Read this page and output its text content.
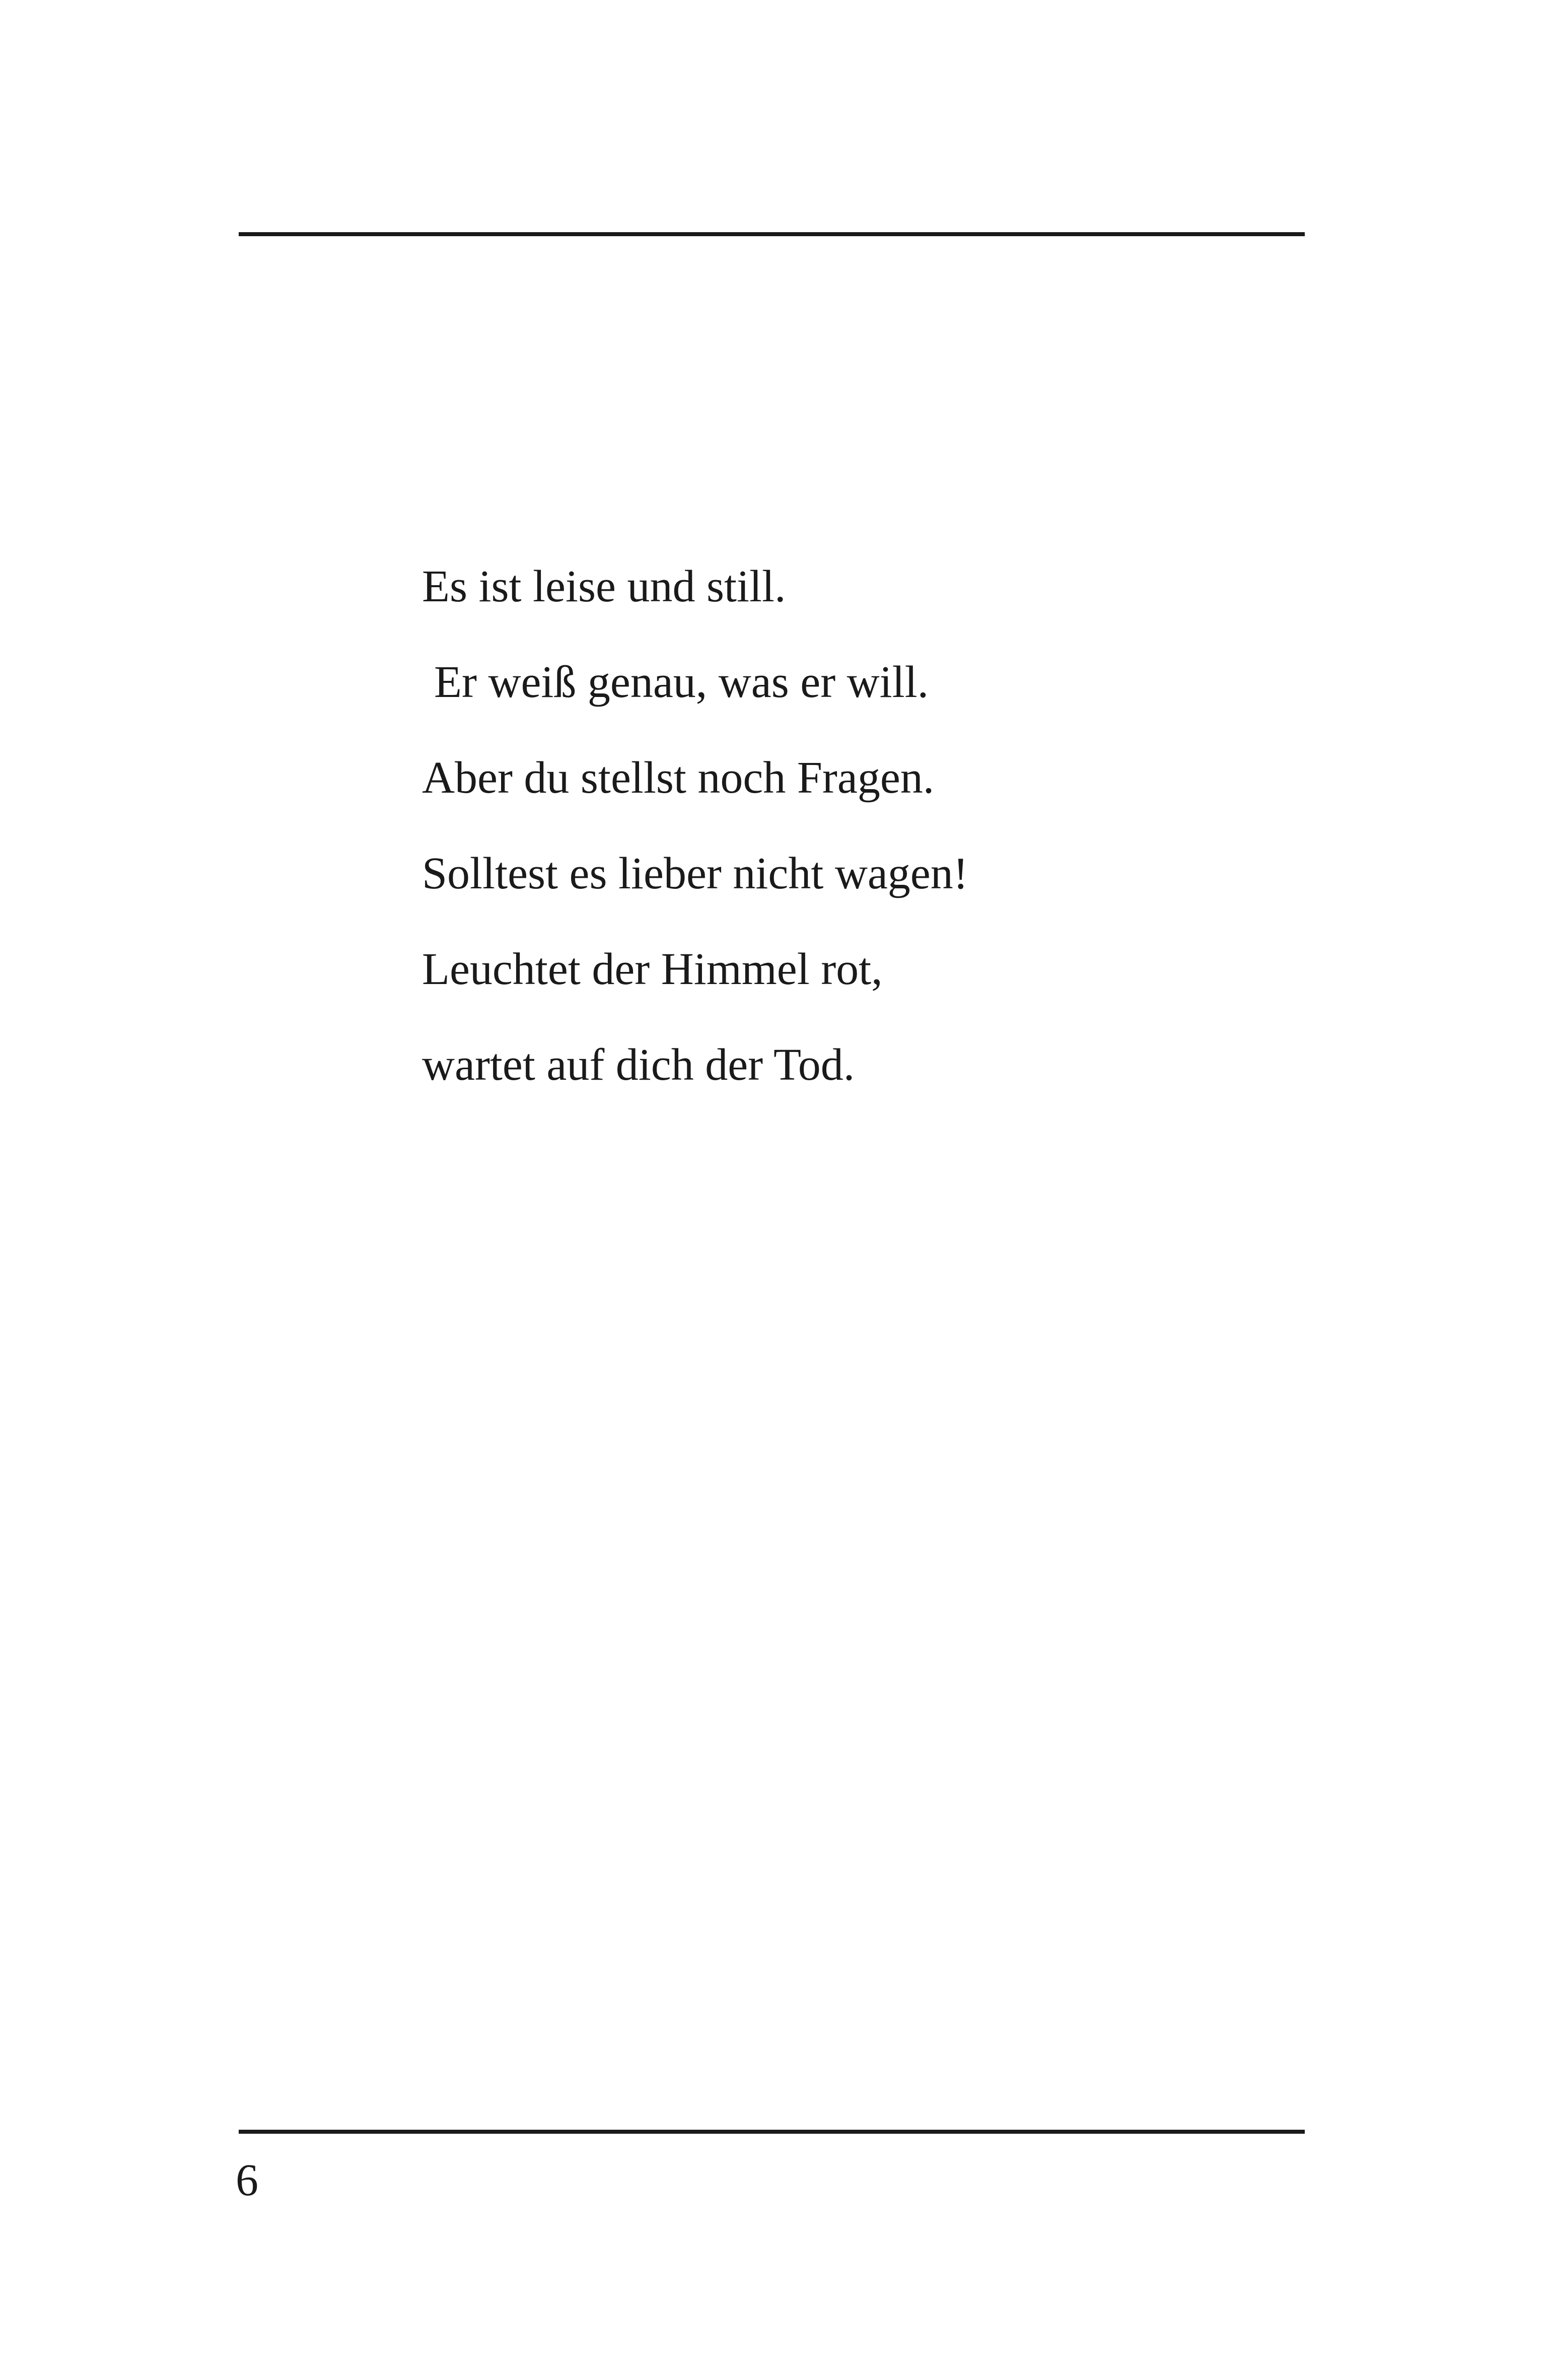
Es ist leise und still.
Er weiß genau, was er will.
Aber du stellst noch Fragen.
Solltest es lieber nicht wagen!
Leuchtet der Himmel rot,
wartet auf dich der Tod.
6
